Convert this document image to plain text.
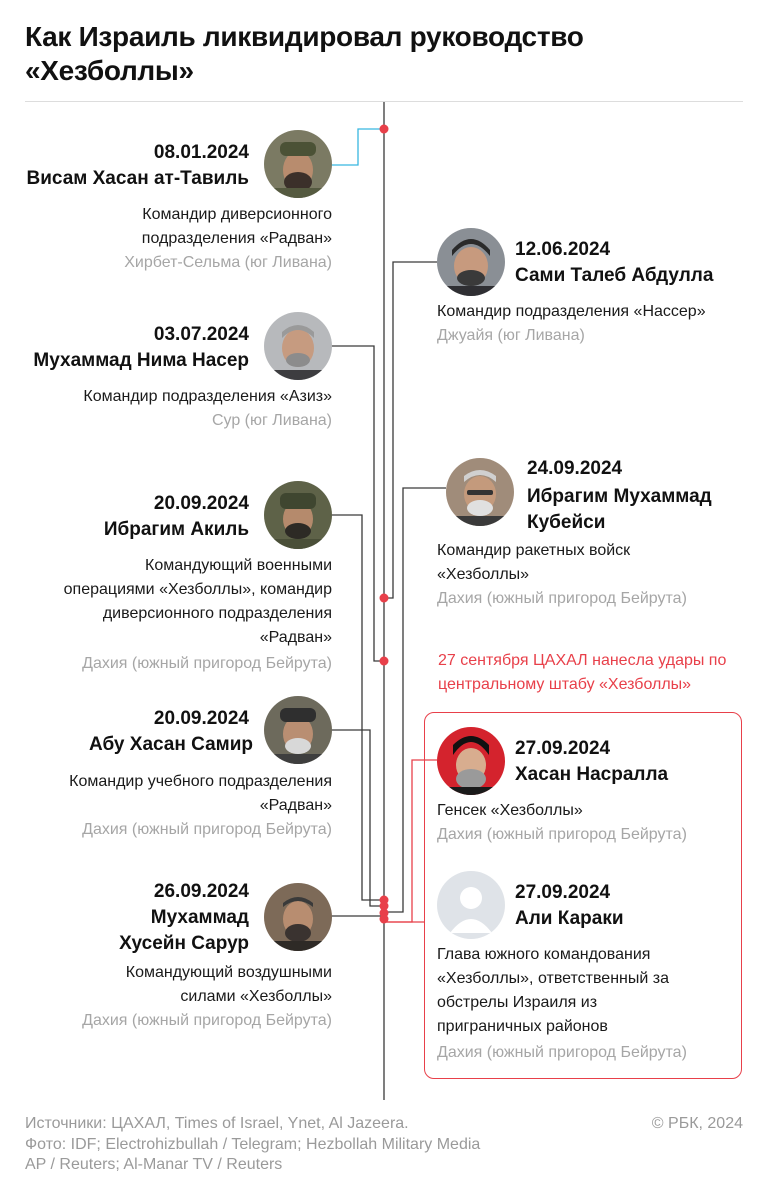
Как Израиль ликвидировал руководство «Хезболлы»
08.01.2024
Висам Хасан ат-Тавиль
Командир диверсионного подразделения «Радван»
Хирбет-Сельма (юг Ливана)
12.06.2024
Сами Талеб Абдулла
Командир подразделения «Нассер»
Джуайя (юг Ливана)
03.07.2024
Мухаммад Нима Насер
Командир подразделения «Азиз»
Сур (юг Ливана)
24.09.2024
Ибрагим Мухаммад Кубейси
Командир ракетных войск «Хезболлы»
Дахия (южный пригород Бейрута)
20.09.2024
Ибрагим Акиль
Командующий военными операциями «Хезболлы», командир диверсионного подразделения «Радван»
Дахия (южный пригород Бейрута)	27 сентября ЦАХАЛ нанесла удары по центральному штабу «Хезболлы»
20.09.2024
Абу Хасан Самир
Командир учебного подразделения «Радван»
Дахия (южный пригород Бейрута)
27.09.2024
Хасан Насралла
Генсек «Хезболлы»
Дахия (южный пригород Бейрута)
26.09.2024
Мухаммад Хусейн Сарур
Командующий воздушными силами «Хезболлы»
Дахия (южный пригород Бейрута)
27.09.2024
Али Караки
Глава южного командования «Хезболлы», ответственный за обстрелы Израиля из приграничных районов
Дахия (южный пригород Бейрута)
Источники: ЦАХАЛ, Times of Israel, Ynet, Al Jazeera.
Фото: IDF; Electrohizbullah / Telegram; Hezbollah Military Media
AP / Reuters; Al-Manar TV / Reuters
© РБК, 2024
